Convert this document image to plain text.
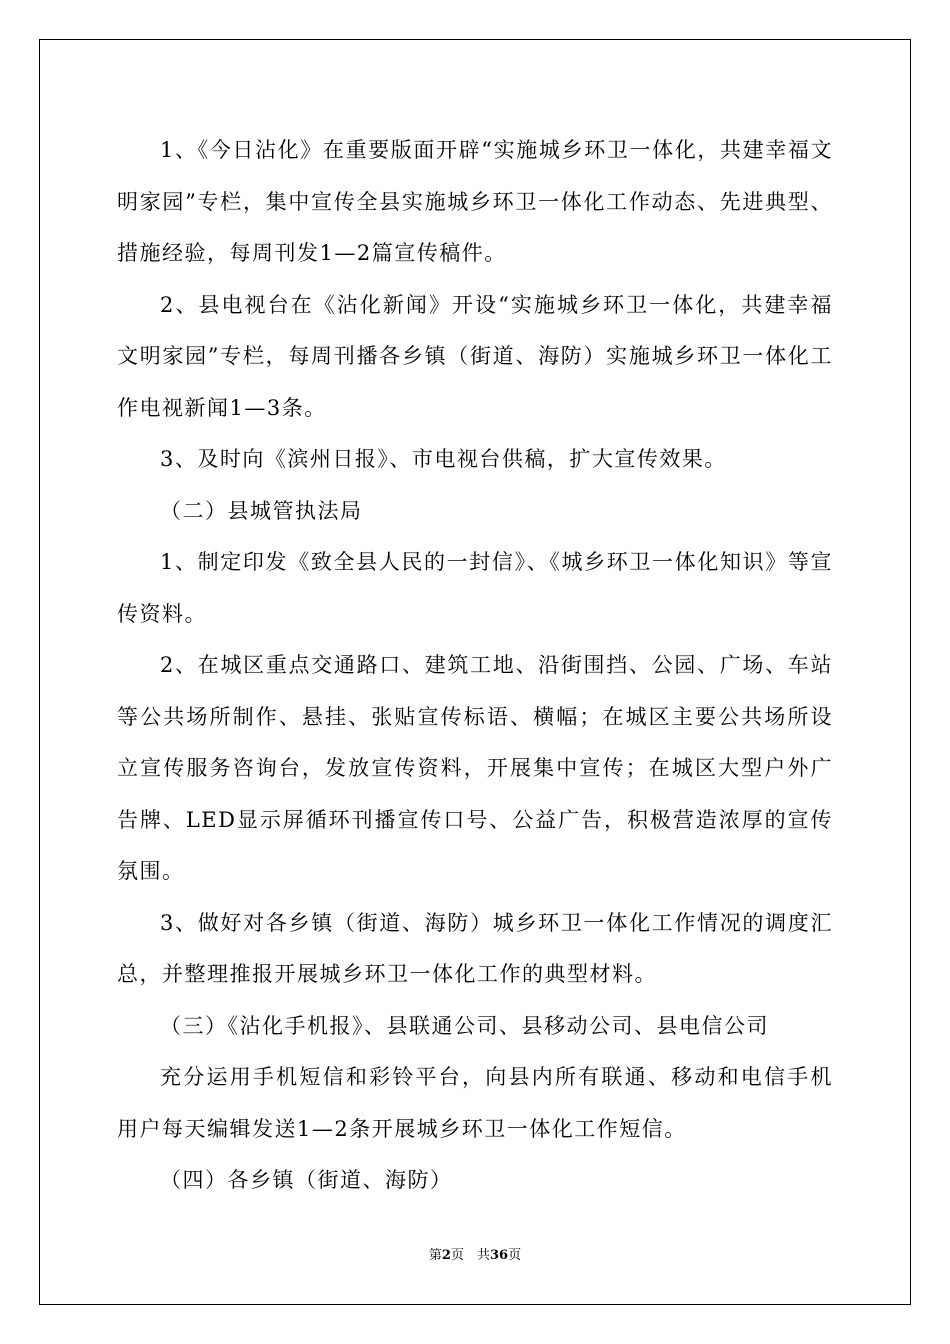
1、《今日沾化》在重要版面开辟“实施城乡环卫一体化，共建幸福文明家园”专栏，集中宣传全县实施城乡环卫一体化工作动态、先进典型、措施经验，每周刊发1—2篇宣传稿件。

2、县电视台在《沾化新闻》开设“实施城乡环卫一体化，共建幸福文明家园”专栏，每周刊播各乡镇（街道、海防）实施城乡环卫一体化工作电视新闻1—3条。

3、及时向《滨州日报》、市电视台供稿，扩大宣传效果。

（二）县城管执法局

1、制定印发《致全县人民的一封信》、《城乡环卫一体化知识》等宣传资料。

2、在城区重点交通路口、建筑工地、沿街围挡、公园、广场、车站等公共场所制作、悬挂、张贴宣传标语、横幅；在城区主要公共场所设立宣传服务咨询台，发放宣传资料，开展集中宣传；在城区大型户外广告牌、LED显示屏循环刊播宣传口号、公益广告，积极营造浓厚的宣传氛围。

3、做好对各乡镇（街道、海防）城乡环卫一体化工作情况的调度汇总，并整理推报开展城乡环卫一体化工作的典型材料。

（三）《沾化手机报》、县联通公司、县移动公司、县电信公司

充分运用手机短信和彩铃平台，向县内所有联通、移动和电信手机用户每天编辑发送1—2条开展城乡环卫一体化工作短信。

（四）各乡镇（街道、海防）

第2页　共36页
